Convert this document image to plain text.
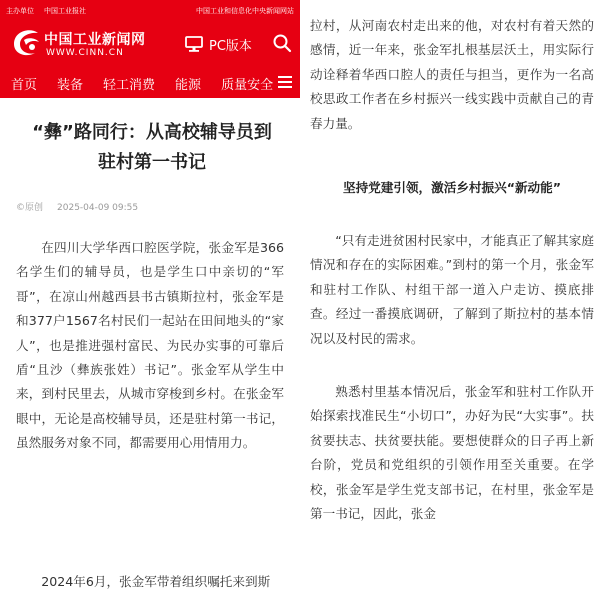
主办单位 中国工业报社	中国工业和信息化中央新闻网站
中国工业新闻网
WWW.CINN.CN	PC版本
首页	装备	轻工消费	能源	质量安全
“彝”路同行：从高校辅导员到驻村第一书记
©原创 2025-04-09 09:55

在四川大学华西口腔医学院，张金军是366名学生们的辅导员，也是学生口中亲切的“军哥”，在凉山州越西县书古镇斯拉村，张金军是和377户1567名村民们一起站在田间地头的“家人”，也是推进强村富民、为民办实事的可靠后盾“且沙（彝族张姓）书记”。张金军从学生中来，到村民里去，从城市穿梭到乡村。在张金军眼中，无论是高校辅导员，还是驻村第一书记，虽然服务对象不同，都需要用心用情用力。

2024年6月，张金军带着组织嘱托来到斯

拉村，从河南农村走出来的他，对农村有着天然的感情，近一年来，张金军扎根基层沃土，用实际行动诠释着华西口腔人的责任与担当，更作为一名高校思政工作者在乡村振兴一线实践中贡献自己的青春力量。

坚持党建引领，激活乡村振兴“新动能”

“只有走进贫困村民家中，才能真正了解其家庭情况和存在的实际困难。”到村的第一个月，张金军和驻村工作队、村组干部一道入户走访、摸底排查。经过一番摸底调研，了解到了斯拉村的基本情况以及村民的需求。

熟悉村里基本情况后，张金军和驻村工作队开始探索找准民生“小切口”，办好为民“大实事”。扶贫要扶志、扶贫要扶能。要想使群众的日子再上新台阶，党员和党组织的引领作用至关重要。在学校，张金军是学生党支部书记，在村里，张金军是第一书记，因此，张金
